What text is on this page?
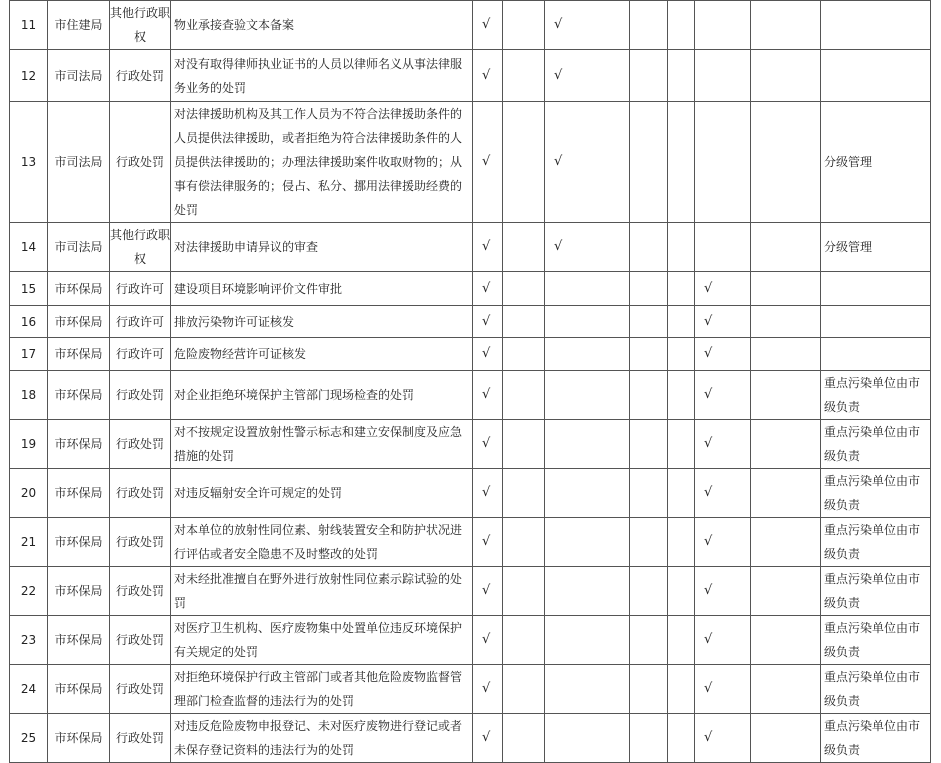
11	市住建局	其他行政职权	物业承接查验文本备案	√		√					
12	市司法局	行政处罚	对没有取得律师执业证书的人员以律师名义从事法律服务业务的处罚	√		√					
13	市司法局	行政处罚	对法律援助机构及其工作人员为不符合法律援助条件的人员提供法律援助，或者拒绝为符合法律援助条件的人员提供法律援助的；办理法律援助案件收取财物的；从事有偿法律服务的；侵占、私分、挪用法律援助经费的处罚	√		√					分级管理
14	市司法局	其他行政职权	对法律援助申请异议的审查	√		√					分级管理
15	市环保局	行政许可	建设项目环境影响评价文件审批	√					√		
16	市环保局	行政许可	排放污染物许可证核发	√					√		
17	市环保局	行政许可	危险废物经营许可证核发	√					√		
18	市环保局	行政处罚	对企业拒绝环境保护主管部门现场检查的处罚	√					√		重点污染单位由市级负责
19	市环保局	行政处罚	对不按规定设置放射性警示标志和建立安保制度及应急措施的处罚	√					√		重点污染单位由市级负责
20	市环保局	行政处罚	对违反辐射安全许可规定的处罚	√					√		重点污染单位由市级负责
21	市环保局	行政处罚	对本单位的放射性同位素、射线装置安全和防护状况进行评估或者安全隐患不及时整改的处罚	√					√		重点污染单位由市级负责
22	市环保局	行政处罚	对未经批准擅自在野外进行放射性同位素示踪试验的处罚	√					√		重点污染单位由市级负责
23	市环保局	行政处罚	对医疗卫生机构、医疗废物集中处置单位违反环境保护有关规定的处罚	√					√		重点污染单位由市级负责
24	市环保局	行政处罚	对拒绝环境保护行政主管部门或者其他危险废物监督管理部门检查监督的违法行为的处罚	√					√		重点污染单位由市级负责
25	市环保局	行政处罚	对违反危险废物申报登记、未对医疗废物进行登记或者未保存登记资料的违法行为的处罚	√					√		重点污染单位由市级负责
